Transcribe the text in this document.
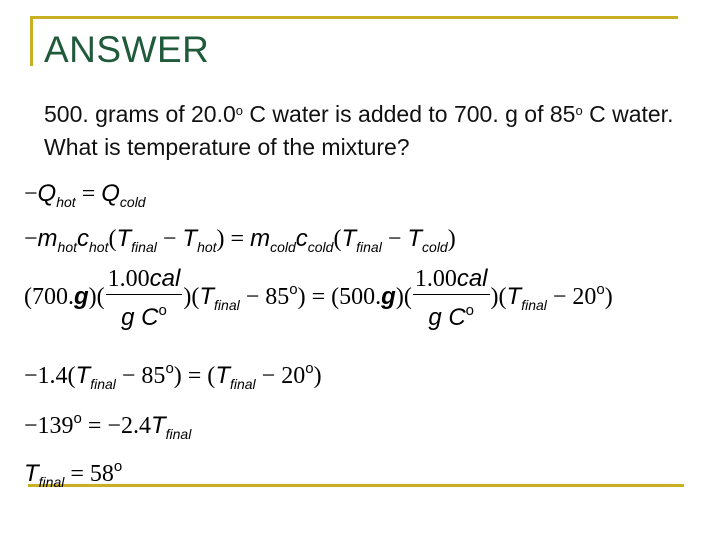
ANSWER
500. grams of 20.0$^o$ C water is added to 700. g of 85$^o$ C water. What is temperature of the mixture?
$-Q_{hot} = Q_{cold}$
$-m_{hot}c_{hot}(T_{final} - T_{hot}) = m_{cold}c_{cold}(T_{final} - T_{cold})$
$(700.g)( \frac{\text{1.00cal}}{g C^o} )(T_{final} - 85^o) = (500.g)( \frac{\text{1.00cal}}{g C^o} )(T_{final} - 20^o)$
$-1.4(T_{final} - 85^o) = (T_{final} - 20^o)$
$-139^o = -2.4T_{final}$
$T_{final} = 58^o$
